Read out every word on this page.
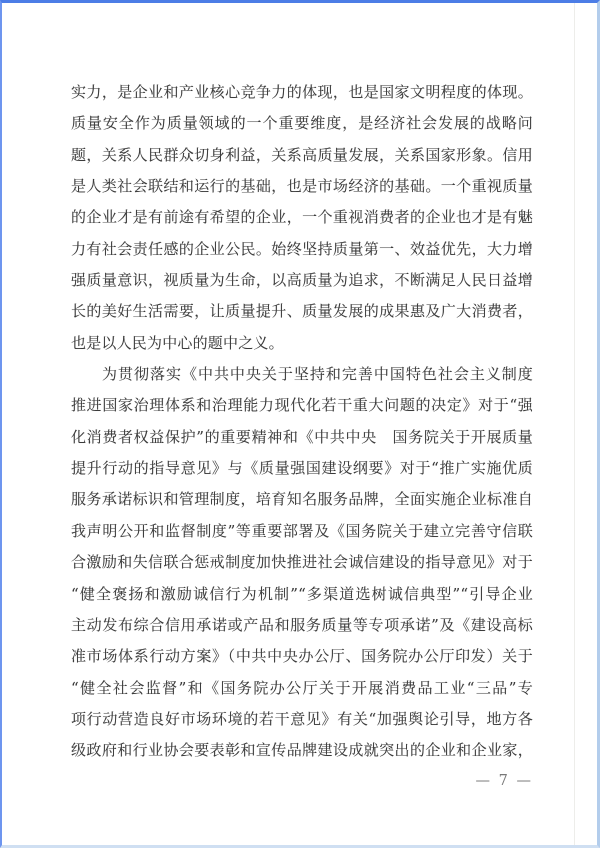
实力，是企业和产业核心竞争力的体现，也是国家文明程度的体现。
质量安全作为质量领域的一个重要维度，是经济社会发展的战略问
题，关系人民群众切身利益，关系高质量发展，关系国家形象。信用
是人类社会联结和运行的基础，也是市场经济的基础。一个重视质量
的企业才是有前途有希望的企业，一个重视消费者的企业也才是有魅
力有社会责任感的企业公民。始终坚持质量第一、效益优先，大力增
强质量意识，视质量为生命，以高质量为追求，不断满足人民日益增
长的美好生活需要，让质量提升、质量发展的成果惠及广大消费者，
也是以人民为中心的题中之义。
为贯彻落实《中共中央关于坚持和完善中国特色社会主义制度
推进国家治理体系和治理能力现代化若干重大问题的决定》对于“强
化消费者权益保护”的重要精神和《中共中央　国务院关于开展质量
提升行动的指导意见》与《质量强国建设纲要》对于“推广实施优质
服务承诺标识和管理制度，培育知名服务品牌，全面实施企业标准自
我声明公开和监督制度”等重要部署及《国务院关于建立完善守信联
合激励和失信联合惩戒制度加快推进社会诚信建设的指导意见》对于
“健全褒扬和激励诚信行为机制”“多渠道选树诚信典型”“引导企业
主动发布综合信用承诺或产品和服务质量等专项承诺”及《建设高标
准市场体系行动方案》（中共中央办公厅、国务院办公厅印发）关于
“健全社会监督”和《国务院办公厅关于开展消费品工业“三品”专
项行动营造良好市场环境的若干意见》有关“加强舆论引导，地方各
级政府和行业协会要表彰和宣传品牌建设成就突出的企业和企业家，
— 7 —
